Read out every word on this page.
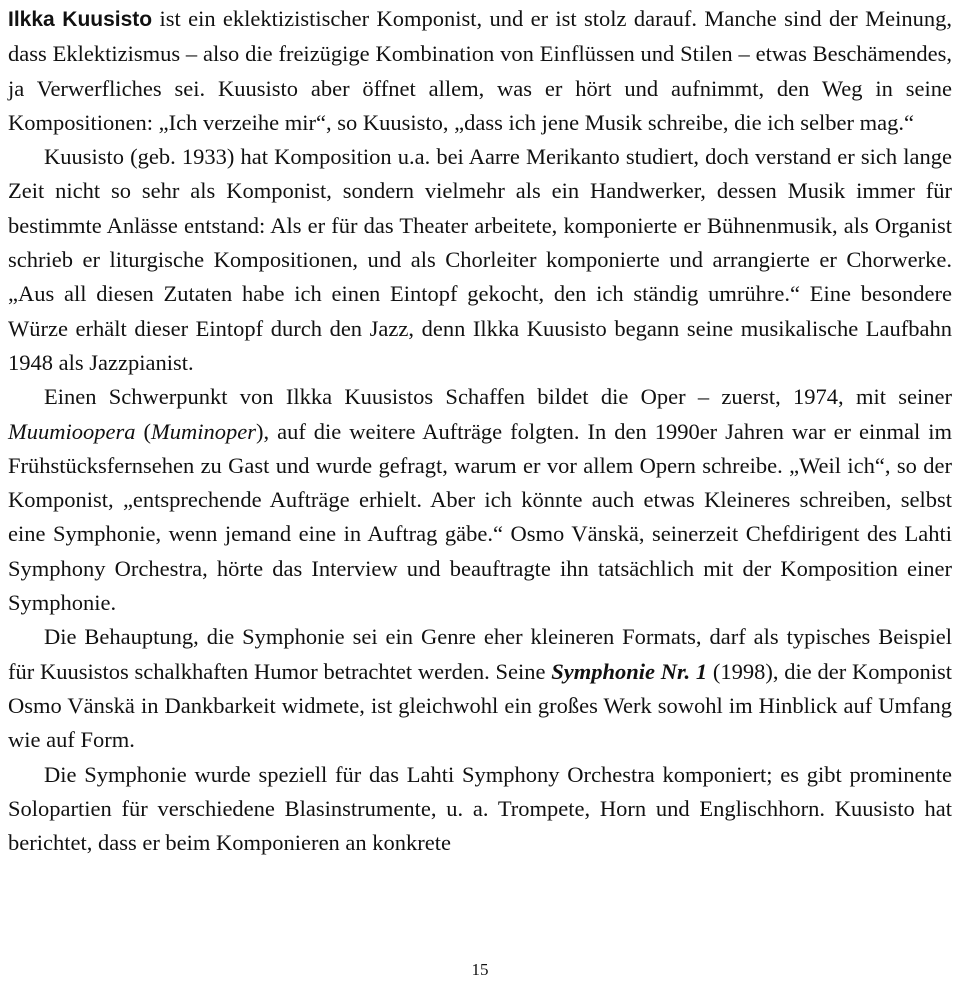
Ilkka Kuusisto ist ein eklektizistischer Komponist, und er ist stolz darauf. Manche sind der Meinung, dass Eklektizismus – also die freizügige Kombination von Einflüssen und Stilen – etwas Beschämendes, ja Verwerfliches sei. Kuusisto aber öffnet allem, was er hört und aufnimmt, den Weg in seine Kompositionen: „Ich verzeihe mir“, so Kuusisto, „dass ich jene Musik schreibe, die ich selber mag.“

Kuusisto (geb. 1933) hat Komposition u.a. bei Aarre Merikanto studiert, doch verstand er sich lange Zeit nicht so sehr als Komponist, sondern vielmehr als ein Handwerker, dessen Musik immer für bestimmte Anlässe entstand: Als er für das Theater arbeitete, komponierte er Bühnenmusik, als Organist schrieb er liturgische Kompositionen, und als Chorleiter komponierte und arrangierte er Chorwerke. „Aus all diesen Zutaten habe ich einen Eintopf gekocht, den ich ständig umrühre.“ Eine besondere Würze erhält dieser Eintopf durch den Jazz, denn Ilkka Kuusisto begann seine musikalische Laufbahn 1948 als Jazzpianist.

Einen Schwerpunkt von Ilkka Kuusistos Schaffen bildet die Oper – zuerst, 1974, mit seiner Muumioopera (Muminoper), auf die weitere Aufträge folgten. In den 1990er Jahren war er einmal im Frühstücksfernsehen zu Gast und wurde gefragt, warum er vor allem Opern schreibe. „Weil ich“, so der Komponist, „entsprechende Aufträge erhielt. Aber ich könnte auch etwas Kleineres schreiben, selbst eine Symphonie, wenn jemand eine in Auftrag gäbe.“ Osmo Vänskä, seinerzeit Chefdirigent des Lahti Symphony Orchestra, hörte das Interview und beauftragte ihn tatsächlich mit der Komposition einer Symphonie.

Die Behauptung, die Symphonie sei ein Genre eher kleineren Formats, darf als typisches Beispiel für Kuusistos schalkhaften Humor betrachtet werden. Seine Symphonie Nr. 1 (1998), die der Komponist Osmo Vänskä in Dankbarkeit widmete, ist gleichwohl ein großes Werk sowohl im Hinblick auf Umfang wie auf Form.

Die Symphonie wurde speziell für das Lahti Symphony Orchestra komponiert; es gibt prominente Solopartien für verschiedene Blasinstrumente, u. a. Trompete, Horn und Englischhorn. Kuusisto hat berichtet, dass er beim Komponieren an konkrete

15
